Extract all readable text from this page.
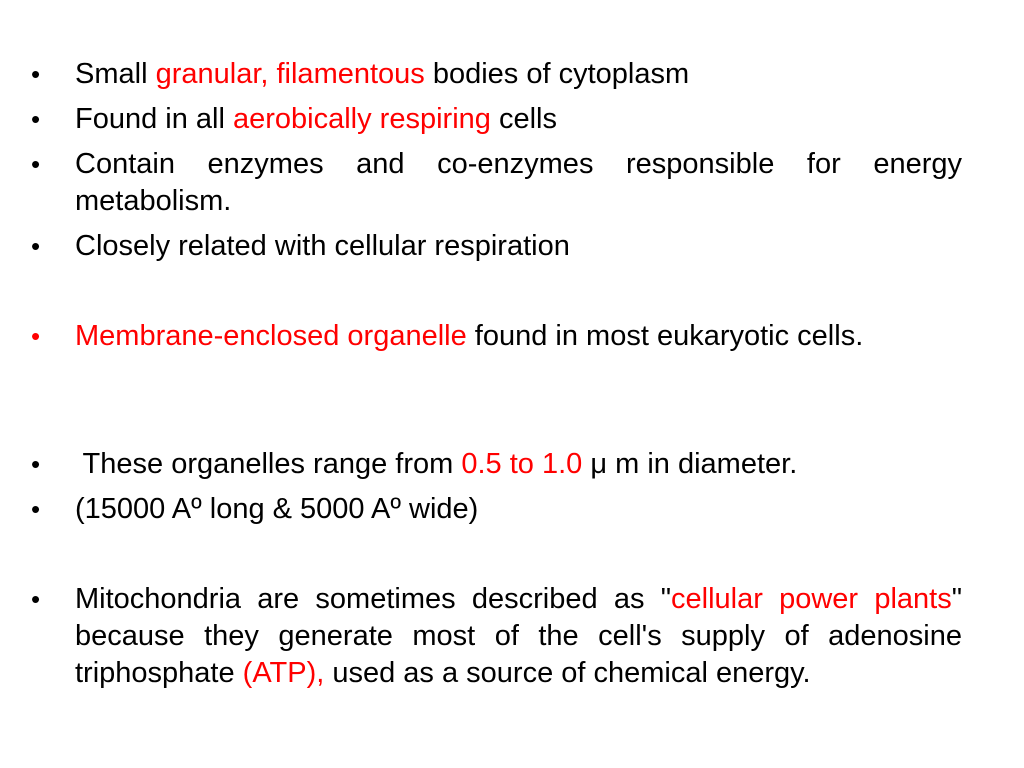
•	Small granular, filamentous bodies of cytoplasm
•	Found in all aerobically respiring cells
•	Contain enzymes and co-enzymes responsible for energy metabolism.
•	Closely related with cellular respiration
•	Membrane-enclosed organelle found in most eukaryotic cells.
•	These organelles range from 0.5 to 1.0 μ m in diameter.
•	(15000 Aº long & 5000 Aº wide)
•	Mitochondria are sometimes described as "cellular power plants" because they generate most of the cell's supply of adenosine triphosphate (ATP), used as a source of chemical energy.
